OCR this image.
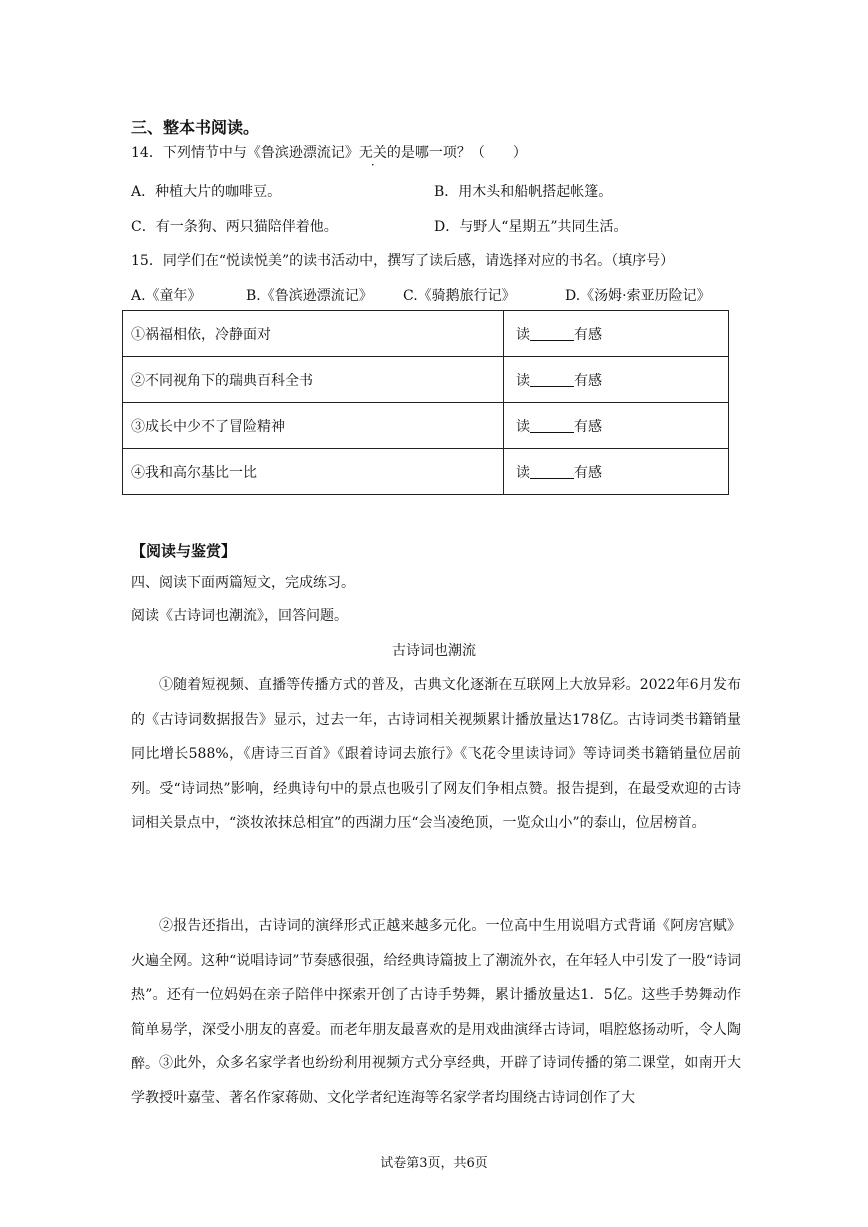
三、整本书阅读。
14．下列情节中与《鲁滨逊漂流记》无关的是哪一项？（　　）
A．种植大片的咖啡豆。	B．用木头和船帆搭起帐篷。
C．有一条狗、两只猫陪伴着他。	D．与野人“星期五”共同生活。
15．同学们在“悦读悦美”的读书活动中，撰写了读后感，请选择对应的书名。（填序号）
A.《童年》	B.《鲁滨逊漂流记》 C.《骑鹅旅行记》	D.《汤姆·索亚历险记》
①祸福相依，冷静面对	读 有感
②不同视角下的瑞典百科全书	读 有感
③成长中少不了冒险精神	读 有感
④我和高尔基比一比	读 有感
【阅读与鉴赏】
四、阅读下面两篇短文，完成练习。
阅读《古诗词也潮流》，回答问题。
古诗词也潮流
①随着短视频、直播等传播方式的普及，古典文化逐渐在互联网上大放异彩。2022年6月发布的《古诗词数据报告》显示，过去一年，古诗词相关视频累计播放量达178亿。古诗词类书籍销量同比增长588%，《唐诗三百首》《跟着诗词去旅行》《飞花令里读诗词》等诗词类书籍销量位居前列。受“诗词热”影响，经典诗句中的景点也吸引了网友们争相点赞。报告提到，在最受欢迎的古诗词相关景点中，“淡妆浓抹总相宜”的西湖力压“会当凌绝顶，一览众山小”的泰山，位居榜首。
②报告还指出，古诗词的演绎形式正越来越多元化。一位高中生用说唱方式背诵《阿房宫赋》火遍全网。这种“说唱诗词”节奏感很强，给经典诗篇披上了潮流外衣，在年轻人中引发了一股“诗词热”。还有一位妈妈在亲子陪伴中探索开创了古诗手势舞，累计播放量达1．5亿。这些手势舞动作简单易学，深受小朋友的喜爱。而老年朋友最喜欢的是用戏曲演绎古诗词，唱腔悠扬动听，令人陶醉。 ③此外，众多名家学者也纷纷利用视频方式分享经典，开辟了诗词传播的第二课堂，如南开大学教授叶嘉莹、著名作家蒋勋、文化学者纪连海等名家学者均围绕古诗词创作了大
试卷第3页，共6页
